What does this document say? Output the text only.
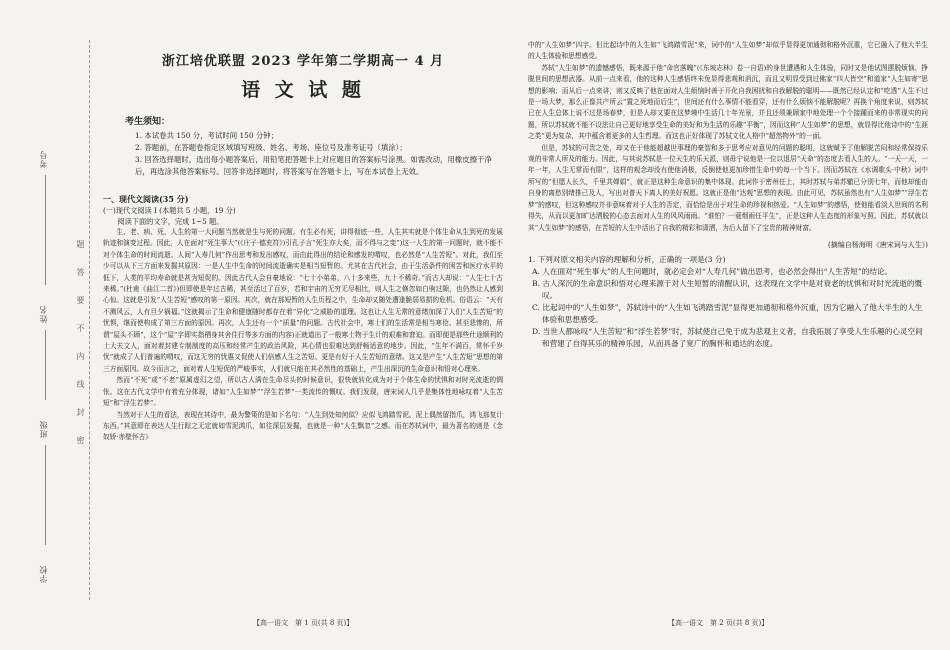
考号
姓名
班级
学校
题
答
要
不
内
线
封
密
浙江培优联盟 2023 学年第二学期高一 4 月
语 文 试 题
考生须知：
1. 本试卷共 150 分，考试时间 150 分钟；
2. 答题前，在答题卷指定区域填写班级、姓名、考场、座位号及准考证号（填涂）；
3. 回答选择题时，选出每小题答案后，用铅笔把答题卡上对应题目的答案标号涂黑。如需改动，用橡皮擦干净后，再选涂其他答案标号。回答非选择题时，将答案写在答题卡上，写在本试卷上无效。
一、现代文阅读(35 分)

(一)现代文阅读 I (本题共 5 小题，19 分)

阅读下面的文字，完成 1~5 题。

生、老、病、死，人生的第一大问题当然就是生与死的问题。有生必有死，讲得彻底一些，人生其实就是个体生命从生到死的发展轨迹和演变过程。因此，人在面对“死生事大”(《庄子·德充符》)引孔子言“死生亦大矣，而不得与之变”)这一人生的第一问题时，就不能不对个体生命的时间流逝、人间“人寿几何”作出思考和发出感叹，而由此得出的结论和感发的喟叹，也必然是“人生苦短”。对此，我们至少可以从下三方面来发掘其原因：一是人生中生命的时间流逝确实是相当短暂的。尤其在古代社会，由于生活条件的困苦和医疗水平的低下，人类的平均寿命就是甚为短促的。因此古代人会自豪地说：“七十小弟弟，八十多来些，九十不稀奇。”而古人却说：“人生七十古来稀。”(杜甫《曲江二首》)但即使是年过古稀，甚至活过了百岁，若和宇宙的无穷无尽相比，则人生之倏忽如白驹过隙，也仍然让人感到心惊。这就是引发“人生苦短”感叹的第一原因。其次，就在那短暂的人生历程之中，生命却又随处遭逢脆弱易损的危机。俗语云：“天有不测风云，人有旦夕祸福。”这就揭示了生命和健康随时都存在着“异化”之威胁的道理。这也让人生无常的意绪加深了人们“人生苦短”的忧惧，继而使构成了第三方面的原因。再次，人生还有一个“质量”的问题。古代社会中，寒士们的生活常是相当寒伧、甚至悲惨的，所谓“屋头不顾”，这个“屋”字即实指栖身其舍住行等多方面的内容)正就道出了一般寒士物于生计的艰难和窘迫。而即便是那些仕途顺利的士大夫文人，面对着封建专制制度的高压和经常产生的政治风险，其心情也很难达到舒畅适意的地步。因此，“生年不满百，常怀千岁忧”就成了人们普遍的喟叹，而这无穷的忧惠又促使人们倍感人生之苦短、更是有好于人生苦短的意绪。这又是产生“人生苦短”思想的第三方面原因。故今而言之，面对着人生短促的严峻事实，人们就只能在其必然性的基础上，产生出深沉的生命意识和悟对心理来。

然而“不死”或“不老”原属虚幻之望，所以古人满在生命尽头的时候意识，很快就转化成为对于个体生命的忧惧和对时光流逝的惆怅。这在古代文学中有着充分体现，诸如“人生如梦”“浮生若梦”一类流传的慨叹。我们发现，唐宋词人几乎是集体性地咏叹着“人生苦短”和“浮生若梦”。

当然对于人生的看法，表现在其诗中，最为警策的是如下名句：“人生到处知何似？应似飞鸿踏雪泥。泥上偶然留指爪，鸿飞那复计东西。”其意即在表达人生行踪之无定就如雪泥鸿爪，如往深层发掘，也就是一种“人生飘忽”之感。而在苏轼词中，最为著名的则是《念奴娇·赤壁怀古》

【高一语文　第 1 页(共 8 页)】

中的“人生如梦”四字。但比起诗中的人生如“飞鸿踏雪泥”来，词中的“人生如梦”却似乎显得更加通彻和格外沉重，它已融入了他大半生的人生体验和思想感受。

苏轼“人生如梦”的遗憾感悟，既来源于他“命官落魄”(《东坡志林》卷一自语)的身世遭遇和人生体验，同时又是他试图摆脱烦恼、挣脱世间的思想武器。从前一点来看，他的这种人生感悟终未免显得悲观和消沉，而且又明显受到过佛家“四大皆空”和道家“人生如寄”思想的影响；而从后一点来讲，则又反映了他在面对人生烦恼时善于开化自我困扰和自我解脱的聪明——既然已经认定和“吃透”人生不过是一场大梦，那么正像共产所云“置之死地而后生”，世间还有什么事情不能看穿，还有什么烦恼不能解脱呢？再换个角度来说，则苏轼已在人生总体上说不过是场春梦，但是人却又要在这梦境中生活几十年光景，并且还须兼顾家中地处理一个个接踵而来的非常现实的问题，所以苏轼就不能不设法让自己更好地享受生命的美好和为生活的乐趣“平衡”，因而这种“人生如梦”的思想，就显得比他诗中的“生涯之类”更为复杂，其中蕴含着更多的人生哲理。而这也正好体现了苏轼文化人格中“超然物外”的一面。

但是，苏轼的可贵之处，却又在于他能超越世事理的豪智和多于思考应对意见的问题的聪明，这就赋予了他解脱苦闷和经常保持乐观的非常人所及的能力。因此，与其说苏轼是一位天生的乐天派，则毋宁说他是一位以退居“天命”的态度去看人生的人。“一天一天，一年一年，人生无常而有限”，这样的观念却没有使他消极，反倒使他更加珍惜生命中的每一个当下。因而苏轼在《水调歌头·中秋》词中所写的“但愿人长久，千里共婵娟”，就正是这种生命意识的集中体现。此词作于密州任上，其时苏轼与弟苏辙已分别七年，而他却能由自身的离愁别绪推己及人，写出对普天下离人的美好祝愿。这就正是他“达观”思想的表现。由此可见，苏轼虽然也有“人生如梦”“浮生若梦”的感叹，但这种感叹并非意味着对于人生的否定，而恰恰是出于对生命的珍视和热爱。“人生如梦”的感悟，使他能看淡人世间的名利得失，从而以更加旷达洒脱的心态去面对人生的风风雨雨。“谁怕？一蓑烟雨任平生”，正是这种人生态度的形象写照。因此，苏轼就以其“人生如梦”的感悟，在苦短的人生中活出了自我的精彩和潇洒，为后人留下了宝贵的精神财富。

(摘编自杨海明《唐宋词与人生》)

1. 下列对原文相关内容的理解和分析，正确的一项是(3 分)

A. 人在面对“死生事大”的人生问题时，就必定会对“人寿几何”做出思考，也必然会得出“人生苦短”的结论。

B. 古人深沉的生命意识和悟对心理来源于对人生短暂的清醒认识，这表现在文学中是对衰老的忧惧和对时光流逝的慨叹。

C. 比起词中的“人生如梦”，苏轼诗中的“人生如飞鸿踏雪泥”显得更加通彻和格外沉重，因为它融入了他大半生的人生体验和思想感受。

D. 当世人都咏叹“人生苦短”和“浮生若梦”时，苏轼使自己免于成为悲观主义者，自我拓展了享受人生乐趣的心灵空间和营建了自得其乐的精神乐园，从而具备了宽广的胸怀和通达的态度。

【高一语文　第 2 页(共 8 页)】
